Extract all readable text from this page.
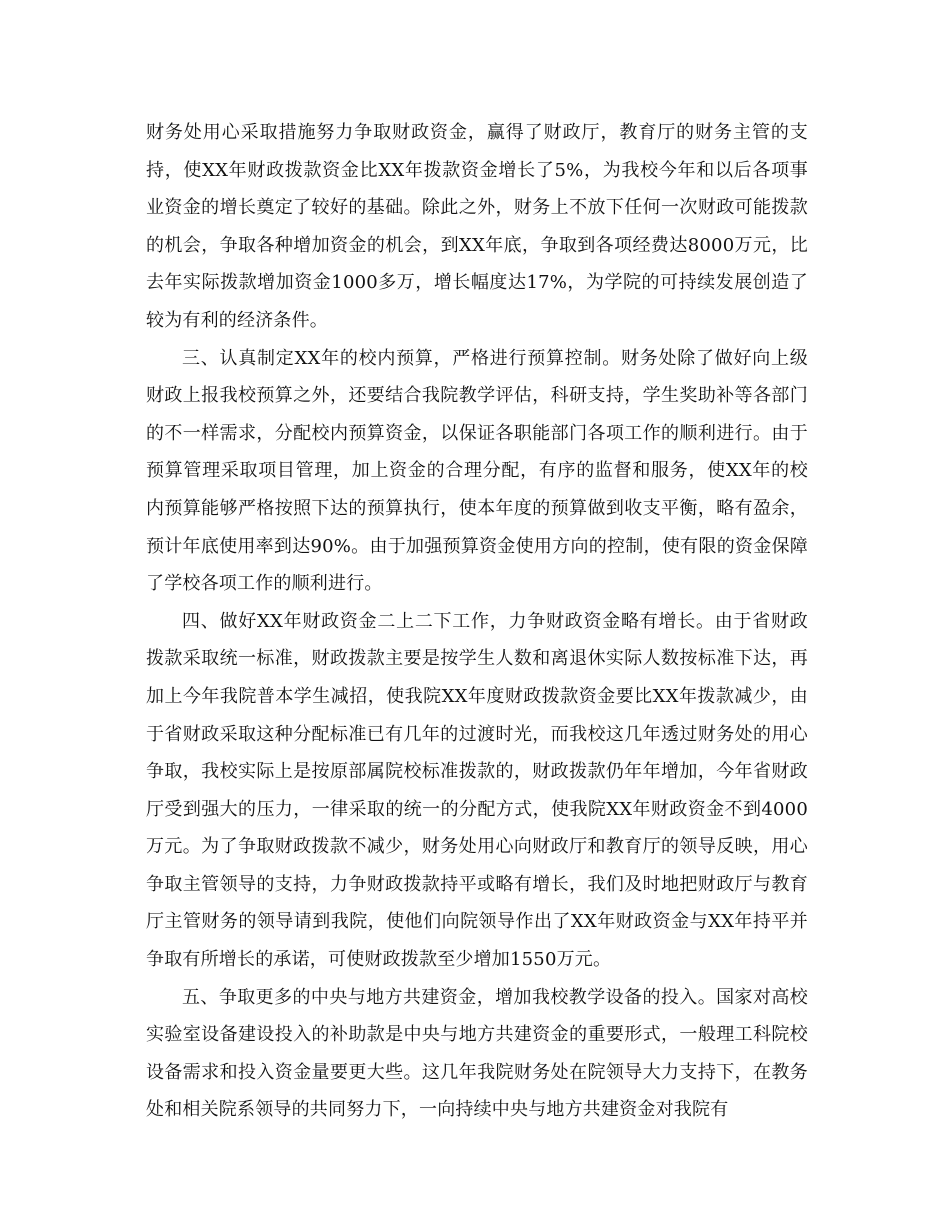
财务处用心采取措施努力争取财政资金，赢得了财政厅，教育厅的财务主管的支持，使XX年财政拨款资金比XX年拨款资金增长了5%，为我校今年和以后各项事业资金的增长奠定了较好的基础。除此之外，财务上不放下任何一次财政可能拨款的机会，争取各种增加资金的机会，到XX年底，争取到各项经费达8000万元，比去年实际拨款增加资金1000多万，增长幅度达17%，为学院的可持续发展创造了较为有利的经济条件。

三、认真制定XX年的校内预算，严格进行预算控制。财务处除了做好向上级财政上报我校预算之外，还要结合我院教学评估，科研支持，学生奖助补等各部门的不一样需求，分配校内预算资金，以保证各职能部门各项工作的顺利进行。由于预算管理采取项目管理，加上资金的合理分配，有序的监督和服务，使XX年的校内预算能够严格按照下达的预算执行，使本年度的预算做到收支平衡，略有盈余，预计年底使用率到达90%。由于加强预算资金使用方向的控制，使有限的资金保障了学校各项工作的顺利进行。

四、做好XX年财政资金二上二下工作，力争财政资金略有增长。由于省财政拨款采取统一标准，财政拨款主要是按学生人数和离退休实际人数按标准下达，再加上今年我院普本学生减招，使我院XX年度财政拨款资金要比XX年拨款减少，由于省财政采取这种分配标准已有几年的过渡时光，而我校这几年透过财务处的用心争取，我校实际上是按原部属院校标准拨款的，财政拨款仍年年增加，今年省财政厅受到强大的压力，一律采取的统一的分配方式，使我院XX年财政资金不到4000万元。为了争取财政拨款不减少，财务处用心向财政厅和教育厅的领导反映，用心争取主管领导的支持，力争财政拨款持平或略有增长，我们及时地把财政厅与教育厅主管财务的领导请到我院，使他们向院领导作出了XX年财政资金与XX年持平并争取有所增长的承诺，可使财政拨款至少增加1550万元。

五、争取更多的中央与地方共建资金，增加我校教学设备的投入。国家对高校实验室设备建设投入的补助款是中央与地方共建资金的重要形式，一般理工科院校设备需求和投入资金量要更大些。这几年我院财务处在院领导大力支持下，在教务处和相关院系领导的共同努力下，一向持续中央与地方共建资金对我院有
